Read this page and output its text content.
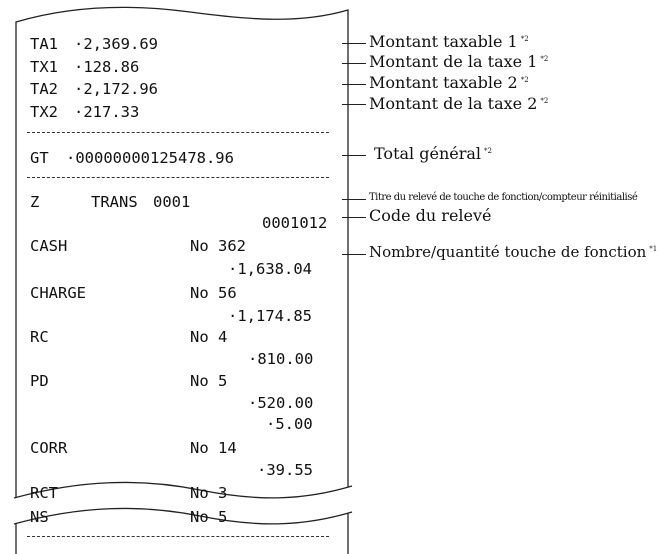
TA1 ·2,369.69
TX1 ·128.86
TA2 ·2,172.96
TX2 ·217.33
GT ·00000000125478.96
Z	TRANS 0001
0001012
CASH	No 362
·1,638.04
CHARGE	No 56
·1,174.85
RC	No 4
·810.00
PD	No 5
·520.00
·5.00
CORR	No 14
·39.55
RCT	No 3
NS	No 5
Montant taxable 1 $^{*2}$
Montant de la taxe 1 $^{*2}$
Montant taxable 2 $^{*2}$
Montant de la taxe 2 $^{*2}$
Total général $^{*2}$
Titre du relevé de touche de fonction/compteur réinitialisé
Code du relevé
Nombre/quantité touche de fonction $^{*1}$
